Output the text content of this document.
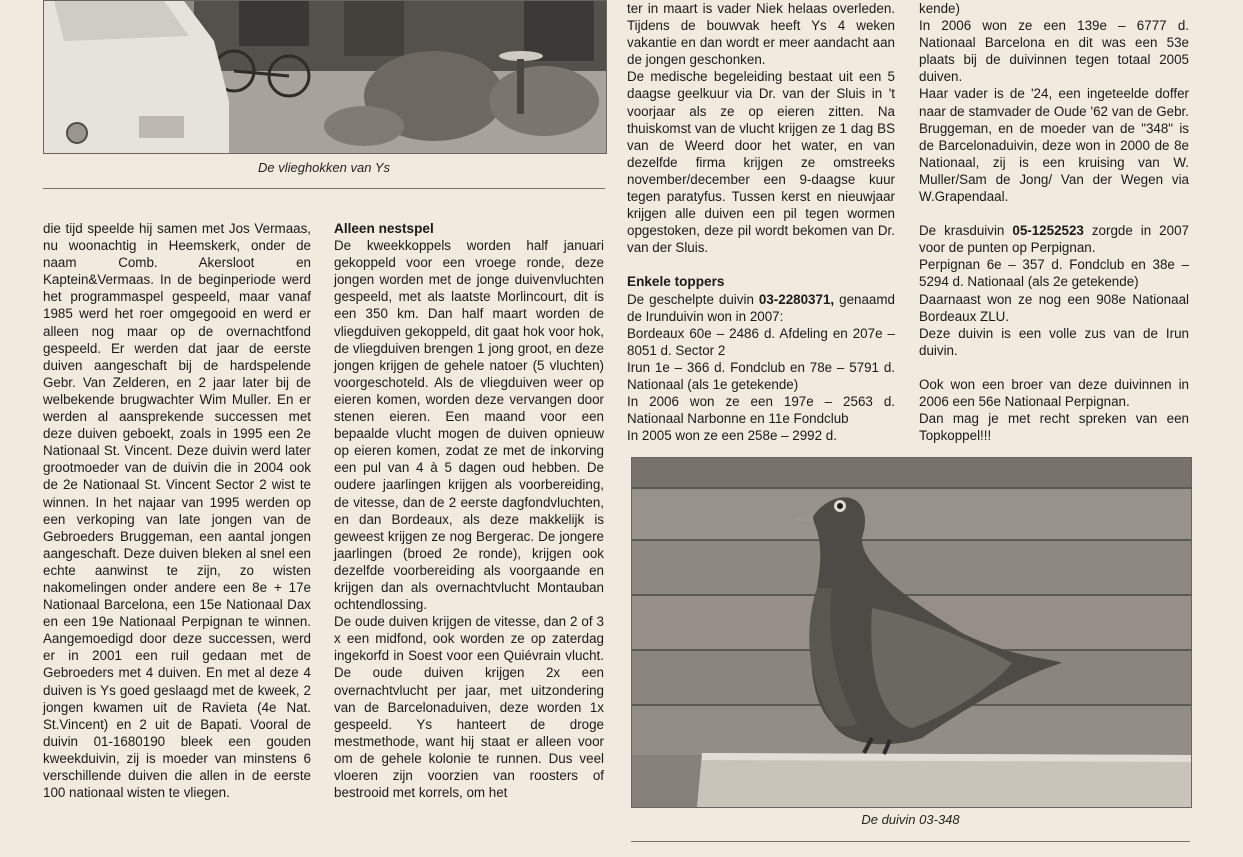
De vlieghokken van Ys

die tijd speelde hij samen met Jos Vermaas, nu woonachtig in Heemskerk, onder de naam Comb. Akersloot en Kaptein&Vermaas. In de beginperiode werd het programmaspel gespeeld, maar vanaf 1985 werd het roer omgegooid en werd er alleen nog maar op de overnachtfond gespeeld. Er werden dat jaar de eerste duiven aangeschaft bij de hardspelende Gebr. Van Zelderen, en 2 jaar later bij de welbekende brugwachter Wim Muller. En er werden al aansprekende successen met deze duiven geboekt, zoals in 1995 een 2e Nationaal St. Vincent. Deze duivin werd later grootmoeder van de duivin die in 2004 ook de 2e Nationaal St. Vincent Sector 2 wist te winnen. In het najaar van 1995 werden op een verkoping van late jongen van de Gebroeders Bruggeman, een aantal jongen aangeschaft. Deze duiven bleken al snel een echte aanwinst te zijn, zo wisten nakomelingen onder andere een 8e + 17e Nationaal Barcelona, een 15e Nationaal Dax en een 19e Nationaal Perpignan te winnen. Aangemoedigd door deze successen, werd er in 2001 een ruil gedaan met de Gebroeders met 4 duiven. En met al deze 4 duiven is Ys goed geslaagd met de kweek, 2 jongen kwamen uit de Ravieta (4e Nat. St.Vincent) en 2 uit de Bapati. Vooral de duivin 01-1680190 bleek een gouden kweekduivin, zij is moeder van minstens 6 verschillende duiven die allen in de eerste 100 nationaal wisten te vliegen.

Alleen nestspel

De kweekkoppels worden half januari gekoppeld voor een vroege ronde, deze jongen worden met de jonge duivenvluchten gespeeld, met als laatste Morlincourt, dit is een 350 km. Dan half maart worden de vliegduiven gekoppeld, dit gaat hok voor hok, de vliegduiven brengen 1 jong groot, en deze jongen krijgen de gehele natoer (5 vluchten) voorgeschoteld. Als de vliegduiven weer op eieren komen, worden deze vervangen door stenen eieren. Een maand voor een bepaalde vlucht mogen de duiven opnieuw op eieren komen, zodat ze met de inkorving een pul van 4 à 5 dagen oud hebben. De oudere jaarlingen krijgen als voorbereiding, de vitesse, dan de 2 eerste dagfondvluchten, en dan Bordeaux, als deze makkelijk is geweest krijgen ze nog Bergerac. De jongere jaarlingen (broed 2e ronde), krijgen ook dezelfde voorbereiding als voorgaande en krijgen dan als overnachtvlucht Montauban ochtendlossing.

De oude duiven krijgen de vitesse, dan 2 of 3 x een midfond, ook worden ze op zaterdag ingekorfd in Soest voor een Quiévrain vlucht. De oude duiven krijgen 2x een overnachtvlucht per jaar, met uitzondering van de Barcelonaduiven, deze worden 1x gespeeld. Ys hanteert de droge mestmethode, want hij staat er alleen voor om de gehele kolonie te runnen. Dus veel vloeren zijn voorzien van roosters of bestrooid met korrels, om het

ter in maart is vader Niek helaas overleden. Tijdens de bouwvak heeft Ys 4 weken vakantie en dan wordt er meer aandacht aan de jongen geschonken.

De medische begeleiding bestaat uit een 5 daagse geelkuur via Dr. van der Sluis in 't voorjaar als ze op eieren zitten. Na thuiskomst van de vlucht krijgen ze 1 dag BS van de Weerd door het water, en van dezelfde firma krijgen ze omstreeks november/december een 9-daagse kuur tegen paratyfus. Tussen kerst en nieuwjaar krijgen alle duiven een pil tegen wormen opgestoken, deze pil wordt bekomen van Dr. van der Sluis.

Enkele toppers

De geschelpte duivin 03-2280371, genaamd de Irunduivin won in 2007:

Bordeaux 60e – 2486 d. Afdeling en 207e – 8051 d. Sector 2

Irun 1e – 366 d. Fondclub en 78e – 5791 d. Nationaal (als 1e getekende)

In 2006 won ze een 197e – 2563 d. Nationaal Narbonne en 11e Fondclub

In 2005 won ze een 258e – 2992 d.

kende)

In 2006 won ze een 139e – 6777 d. Nationaal Barcelona en dit was een 53e plaats bij de duivinnen tegen totaal 2005 duiven.

Haar vader is de '24, een ingeteelde doffer naar de stamvader de Oude '62 van de Gebr. Bruggeman, en de moeder van de "348" is de Barcelonaduivin, deze won in 2000 de 8e Nationaal, zij is een kruising van W. Muller/Sam de Jong/ Van der Wegen via W.Grapendaal.

De krasduivin 05-1252523 zorgde in 2007 voor de punten op Perpignan.

Perpignan 6e – 357 d. Fondclub en 38e – 5294 d. Nationaal (als 2e getekende)

Daarnaast won ze nog een 908e Nationaal Bordeaux ZLU.

Deze duivin is een volle zus van de Irun duivin.

Ook won een broer van deze duivinnen in 2006 een 56e Nationaal Perpignan.

Dan mag je met recht spreken van een Topkoppel!!!

De duivin 03-348
